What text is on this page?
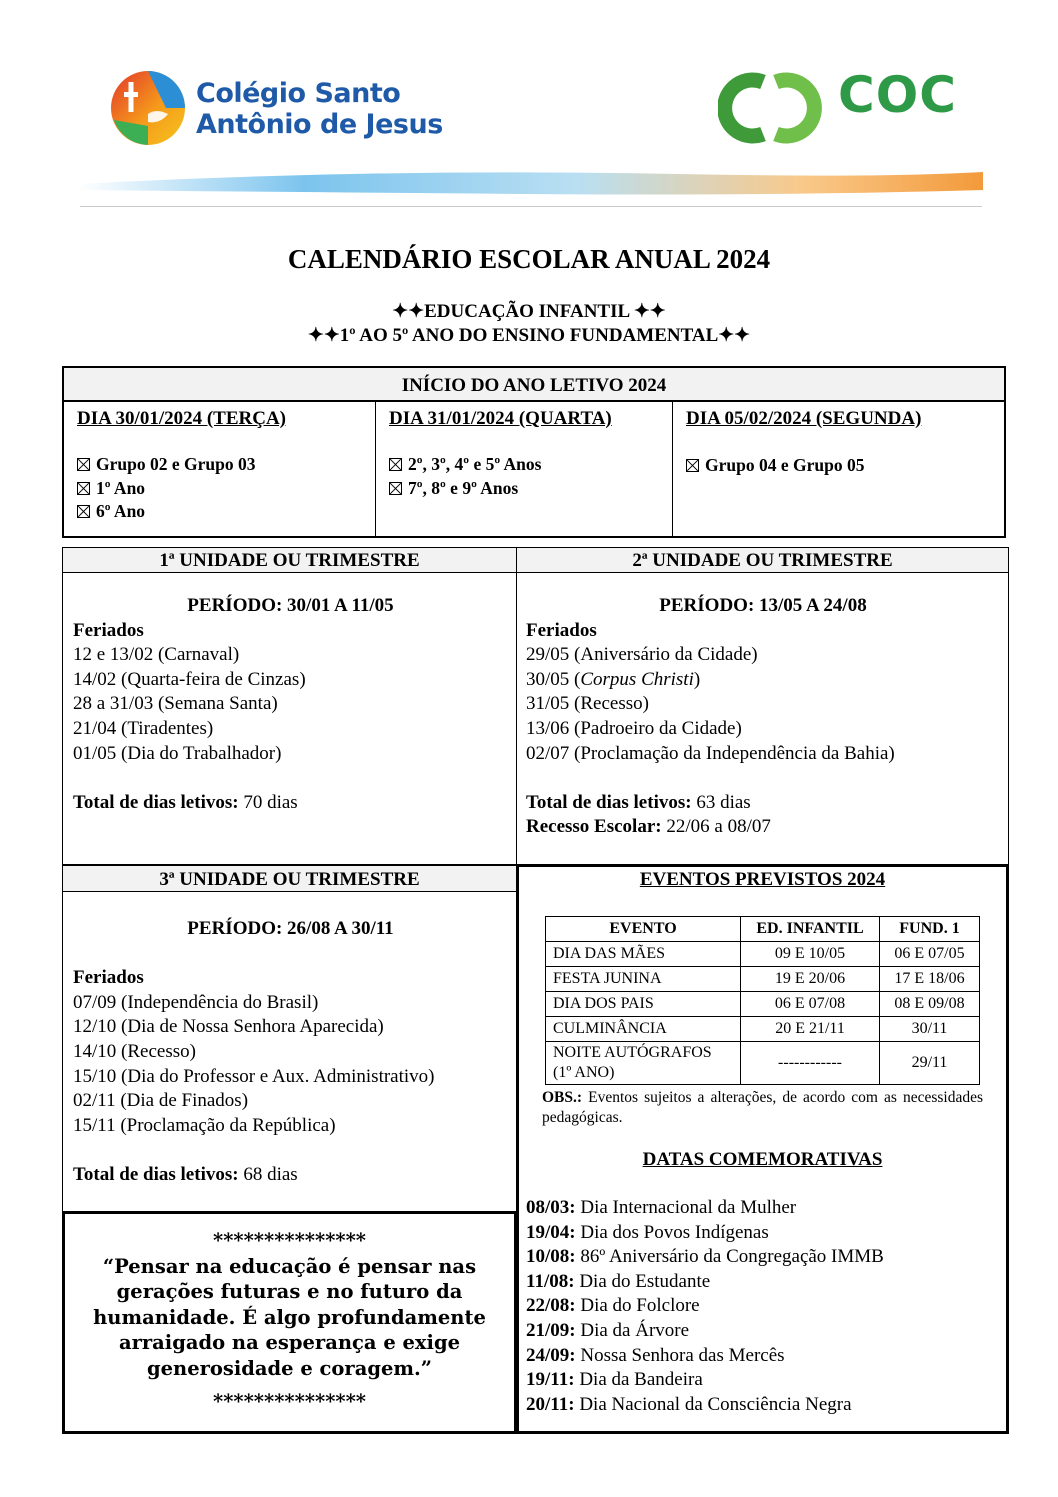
Colégio Santo
Antônio de Jesus
COC
CALENDÁRIO ESCOLAR ANUAL 2024
✦✦EDUCAÇÃO INFANTIL ✦✦
✦✦1º AO 5º ANO DO ENSINO FUNDAMENTAL✦✦
INÍCIO DO ANO LETIVO 2024
DIA 30/01/2024 (TERÇA)
Grupo 02 e Grupo 03
1º Ano
6º Ano
DIA 31/01/2024 (QUARTA)
2º, 3º, 4º e 5º Anos
7º, 8º e 9º Anos
DIA 05/02/2024 (SEGUNDA)
Grupo 04 e Grupo 05
1ª UNIDADE OU TRIMESTRE	2ª UNIDADE OU TRIMESTRE
PERÍODO: 30/01 A 11/05
Feriados
12 e 13/02 (Carnaval)
14/02 (Quarta-feira de Cinzas)
28 a 31/03 (Semana Santa)
21/04 (Tiradentes)
01/05 (Dia do Trabalhador)
Total de dias letivos: 70 dias
PERÍODO: 13/05 A 24/08
Feriados
29/05 (Aniversário da Cidade)
30/05 (Corpus Christi)
31/05 (Recesso)
13/06 (Padroeiro da Cidade)
02/07 (Proclamação da Independência da Bahia)
Total de dias letivos: 63 dias
Recesso Escolar: 22/06 a 08/07
3ª UNIDADE OU TRIMESTRE
PERÍODO: 26/08 A 30/11
Feriados
07/09 (Independência do Brasil)
12/10 (Dia de Nossa Senhora Aparecida)
14/10 (Recesso)
15/10 (Dia do Professor e Aux. Administrativo)
02/11 (Dia de Finados)
15/11 (Proclamação da República)
Total de dias letivos: 68 dias
***************
“Pensar na educação é pensar nas
gerações futuras e no futuro da
humanidade. É algo profundamente
arraigado na esperança e exige
generosidade e coragem.”
***************
EVENTOS PREVISTOS 2024
EVENTO	ED. INFANTIL	FUND. 1
DIA DAS MÃES	09 E 10/05	06 E 07/05
FESTA JUNINA	19 E 20/06	17 E 18/06
DIA DOS PAIS	06 E 07/08	08 E 09/08
CULMINÂNCIA	20 E 21/11	30/11
NOITE AUTÓGRAFOS (1º ANO)	------------	29/11
OBS.: Eventos sujeitos a alterações, de acordo com as necessidades pedagógicas.
DATAS COMEMORATIVAS
08/03: Dia Internacional da Mulher
19/04: Dia dos Povos Indígenas
10/08: 86º Aniversário da Congregação IMMB
11/08: Dia do Estudante
22/08: Dia do Folclore
21/09: Dia da Árvore
24/09: Nossa Senhora das Mercês
19/11: Dia da Bandeira
20/11: Dia Nacional da Consciência Negra
